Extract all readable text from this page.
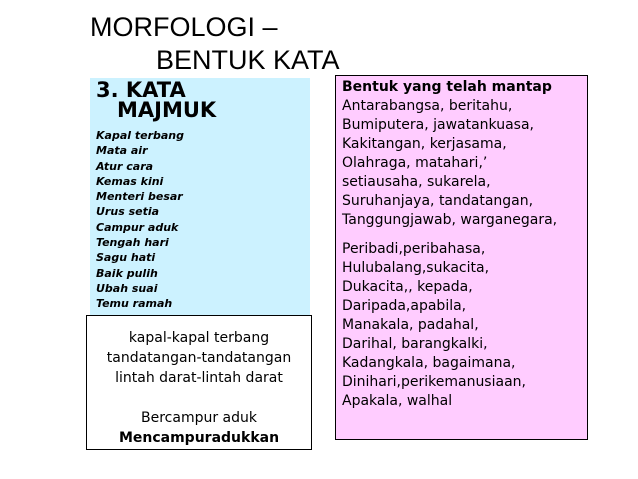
MORFOLOGI –
BENTUK KATA
3. KATA
MAJMUK
Kapal terbang
Mata air
Atur cara
Kemas kini
Menteri besar
Urus setia
Campur aduk
Tengah hari
Sagu hati
Baik pulih
Ubah suai
Temu ramah
kapal-kapal terbang
tandatangan-tandatangan
lintah darat-lintah darat
Bercampur aduk
Mencampuradukkan
Bentuk yang telah mantap
Antarabangsa, beritahu,
Bumiputera, jawatankuasa,
Kakitangan, kerjasama,
Olahraga, matahari,’
setiausaha, sukarela,
Suruhanjaya, tandatangan,
Tanggungjawab, warganegara,
Peribadi,peribahasa,
Hulubalang,sukacita,
Dukacita,, kepada,
Daripada,apabila,
Manakala, padahal,
Darihal, barangkalki,
Kadangkala, bagaimana,
Dinihari,perikemanusiaan,
Apakala, walhal
